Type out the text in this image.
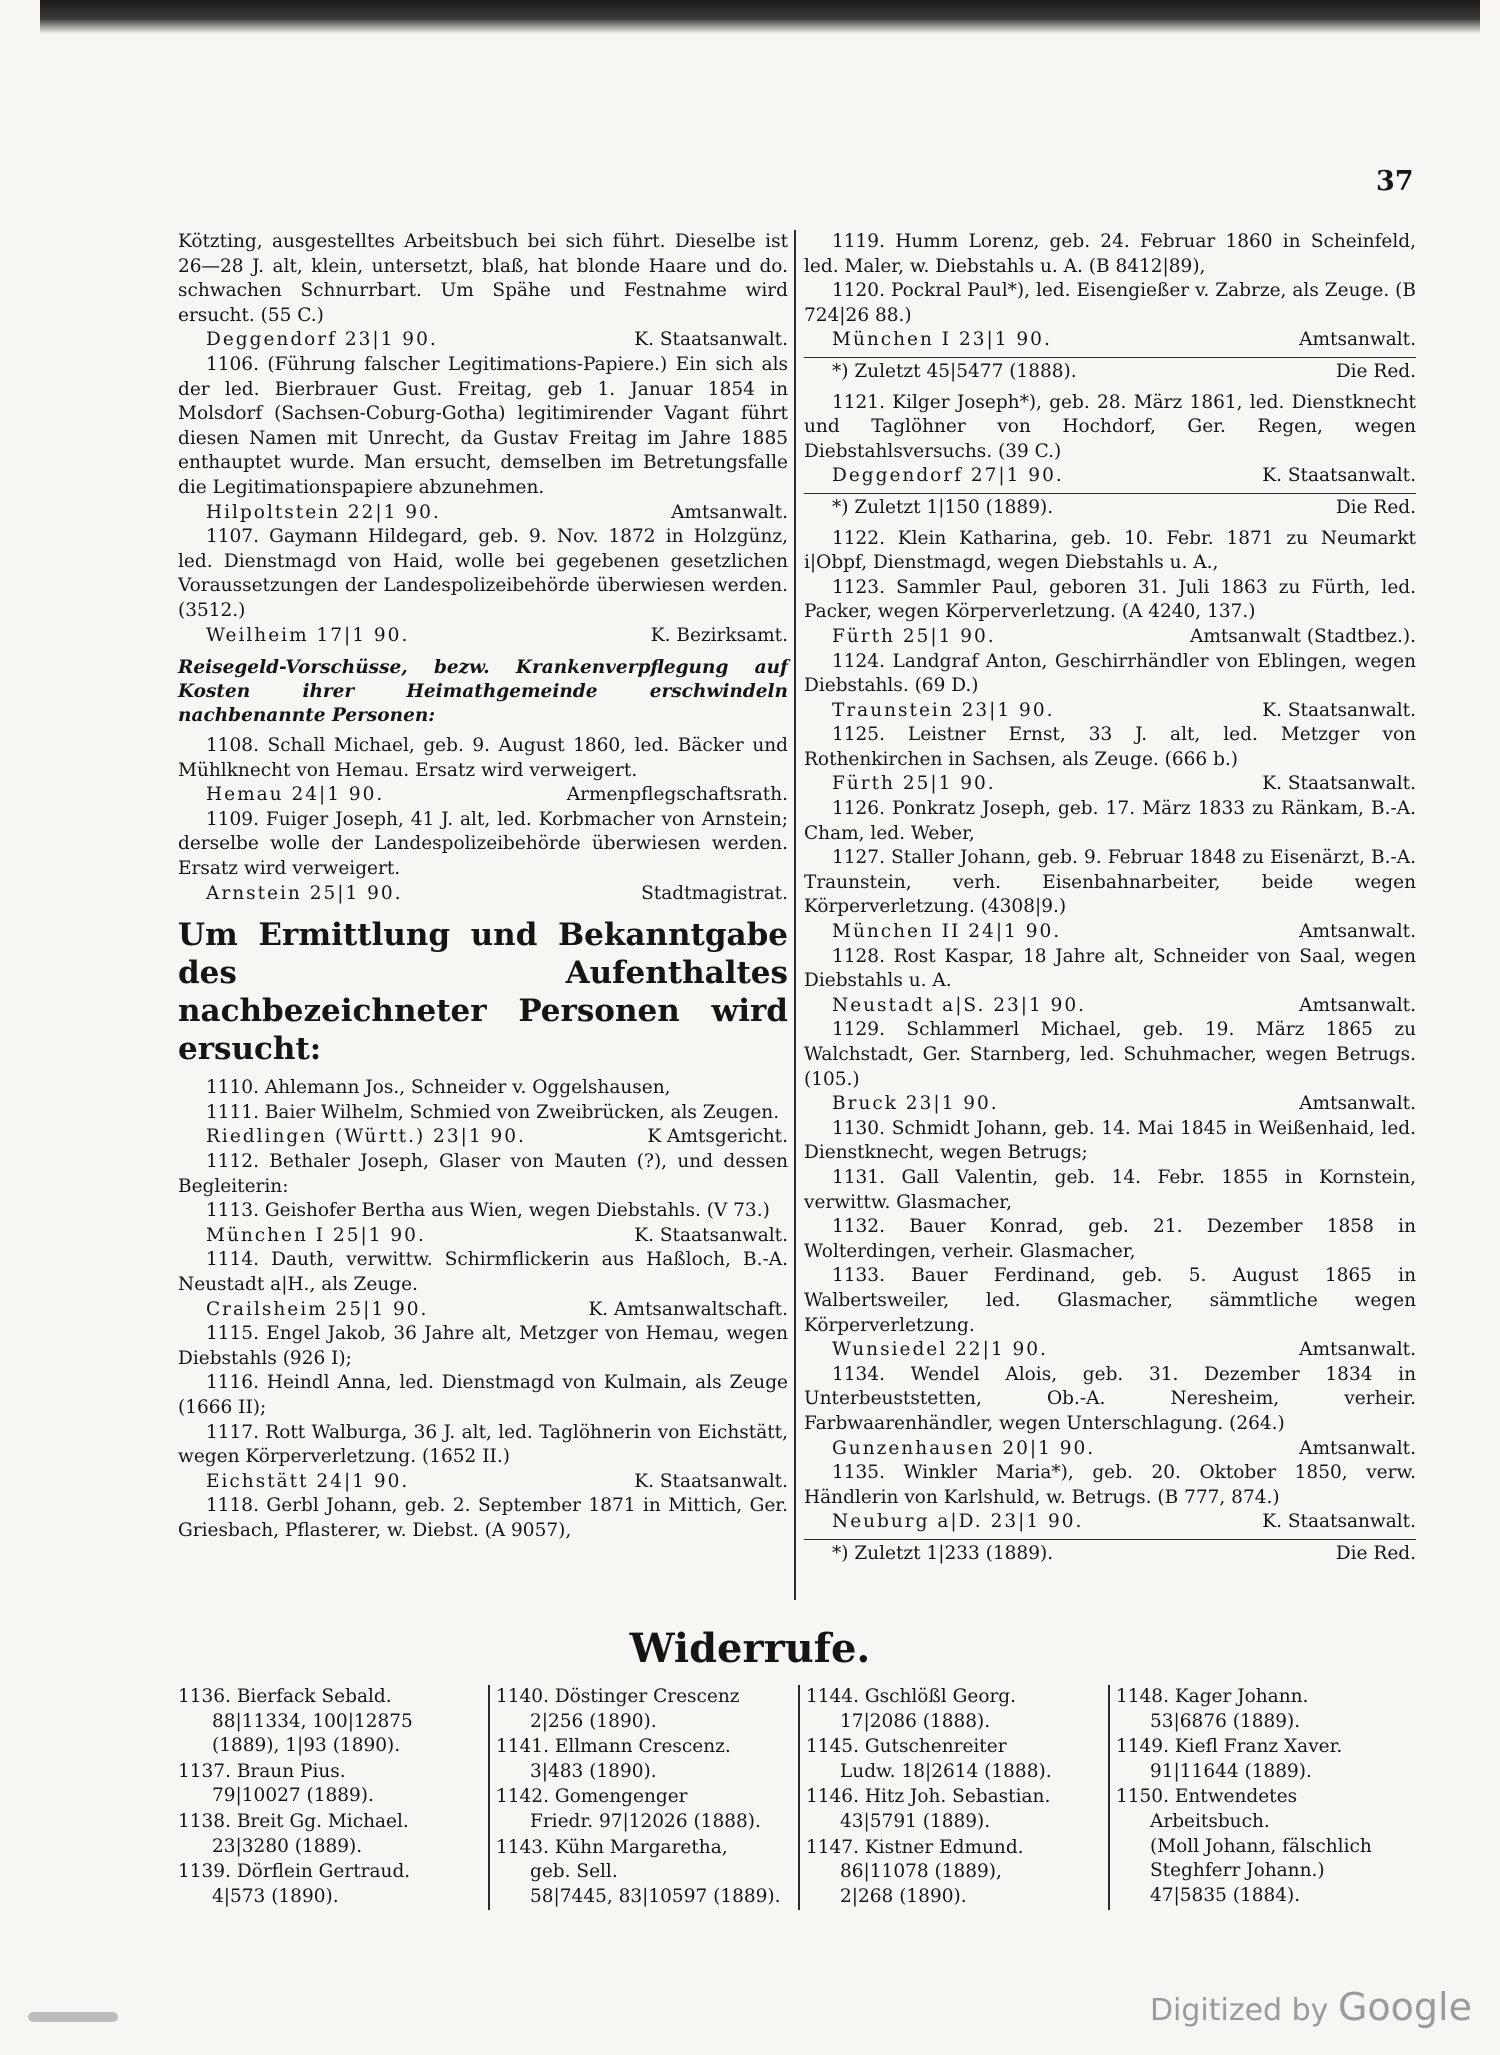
37

Kötzting, ausgestelltes Arbeitsbuch bei sich führt. Dieselbe ist 26—28 J. alt, klein, untersetzt, blaß, hat blonde Haare und do. schwachen Schnurrbart. Um Spähe und Festnahme wird ersucht. (55 C.)

Deggendorf 23|1 90.	K. Staatsanwalt.

1106. (Führung falscher Legitimations-Papiere.) Ein sich als der led. Bierbrauer Gust. Freitag, geb 1. Januar 1854 in Molsdorf (Sachsen-Coburg-Gotha) legitimirender Vagant führt diesen Namen mit Unrecht, da Gustav Freitag im Jahre 1885 enthauptet wurde. Man ersucht, demselben im Betretungsfalle die Legitimationspapiere abzunehmen.

Hilpoltstein 22|1 90.	Amtsanwalt.

1107. Gaymann Hildegard, geb. 9. Nov. 1872 in Holzgünz, led. Dienstmagd von Haid, wolle bei gegebenen gesetzlichen Voraussetzungen der Landespolizeibehörde überwiesen werden. (3512.)

Weilheim 17|1 90.	K. Bezirksamt.
Reisegeld-Vorschüsse, bezw. Krankenverpflegung auf Kosten ihrer Heimathgemeinde erschwindeln nachbenannte Personen:

1108. Schall Michael, geb. 9. August 1860, led. Bäcker und Mühlknecht von Hemau. Ersatz wird verweigert.

Hemau 24|1 90.	Armenpflegschaftsrath.

1109. Fuiger Joseph, 41 J. alt, led. Korbmacher von Arnstein; derselbe wolle der Landespolizeibehörde überwiesen werden. Ersatz wird verweigert.

Arnstein 25|1 90.	Stadtmagistrat.
Um Ermittlung und Bekanntgabe des Aufenthaltes nachbezeichneter Personen wird ersucht:

1110. Ahlemann Jos., Schneider v. Oggelshausen,

1111. Baier Wilhelm, Schmied von Zweibrücken, als Zeugen.

Riedlingen (Württ.) 23|1 90.	K Amtsgericht.

1112. Bethaler Joseph, Glaser von Mauten (?), und dessen Begleiterin:

1113. Geishofer Bertha aus Wien, wegen Diebstahls. (V 73.)

München I 25|1 90.	K. Staatsanwalt.

1114. Dauth, verwittw. Schirmflickerin aus Haßloch, B.-A. Neustadt a|H., als Zeuge.

Crailsheim 25|1 90.	K. Amtsanwaltschaft.

1115. Engel Jakob, 36 Jahre alt, Metzger von Hemau, wegen Diebstahls (926 I);

1116. Heindl Anna, led. Dienstmagd von Kulmain, als Zeuge (1666 II);

1117. Rott Walburga, 36 J. alt, led. Taglöhnerin von Eichstätt, wegen Körperverletzung. (1652 II.)

Eichstätt 24|1 90.	K. Staatsanwalt.

1118. Gerbl Johann, geb. 2. September 1871 in Mittich, Ger. Griesbach, Pflasterer, w. Diebst. (A 9057),

1119. Humm Lorenz, geb. 24. Februar 1860 in Scheinfeld, led. Maler, w. Diebstahls u. A. (B 8412|89),

1120. Pockral Paul*), led. Eisengießer v. Zabrze, als Zeuge. (B 724|26 88.)

München I 23|1 90.	Amtsanwalt.
*) Zuletzt 45|5477 (1888).	Die Red.

1121. Kilger Joseph*), geb. 28. März 1861, led. Dienstknecht und Taglöhner von Hochdorf, Ger. Regen, wegen Diebstahlsversuchs. (39 C.)

Deggendorf 27|1 90.	K. Staatsanwalt.
*) Zuletzt 1|150 (1889).	Die Red.

1122. Klein Katharina, geb. 10. Febr. 1871 zu Neumarkt i|Obpf, Dienstmagd, wegen Diebstahls u. A.,

1123. Sammler Paul, geboren 31. Juli 1863 zu Fürth, led. Packer, wegen Körperverletzung. (A 4240, 137.)

Fürth 25|1 90.	Amtsanwalt (Stadtbez.).

1124. Landgraf Anton, Geschirrhändler von Eblingen, wegen Diebstahls. (69 D.)

Traunstein 23|1 90.	K. Staatsanwalt.

1125. Leistner Ernst, 33 J. alt, led. Metzger von Rothenkirchen in Sachsen, als Zeuge. (666 b.)

Fürth 25|1 90.	K. Staatsanwalt.

1126. Ponkratz Joseph, geb. 17. März 1833 zu Ränkam, B.-A. Cham, led. Weber,

1127. Staller Johann, geb. 9. Februar 1848 zu Eisenärzt, B.-A. Traunstein, verh. Eisenbahnarbeiter, beide wegen Körperverletzung. (4308|9.)

München II 24|1 90.	Amtsanwalt.

1128. Rost Kaspar, 18 Jahre alt, Schneider von Saal, wegen Diebstahls u. A.

Neustadt a|S. 23|1 90.	Amtsanwalt.

1129. Schlammerl Michael, geb. 19. März 1865 zu Walchstadt, Ger. Starnberg, led. Schuhmacher, wegen Betrugs. (105.)

Bruck 23|1 90.	Amtsanwalt.

1130. Schmidt Johann, geb. 14. Mai 1845 in Weißenhaid, led. Dienstknecht, wegen Betrugs;

1131. Gall Valentin, geb. 14. Febr. 1855 in Kornstein, verwittw. Glasmacher,

1132. Bauer Konrad, geb. 21. Dezember 1858 in Wolterdingen, verheir. Glasmacher,

1133. Bauer Ferdinand, geb. 5. August 1865 in Walbertsweiler, led. Glasmacher, sämmtliche wegen Körperverletzung.

Wunsiedel 22|1 90.	Amtsanwalt.

1134. Wendel Alois, geb. 31. Dezember 1834 in Unterbeuststetten, Ob.-A. Neresheim, verheir. Farbwaarenhändler, wegen Unterschlagung. (264.)

Gunzenhausen 20|1 90.	Amtsanwalt.

1135. Winkler Maria*), geb. 20. Oktober 1850, verw. Händlerin von Karlshuld, w. Betrugs. (B 777, 874.)

Neuburg a|D. 23|1 90.	K. Staatsanwalt.
*) Zuletzt 1|233 (1889).	Die Red.
Widerrufe.
1136. Bierfack Sebald.
88|11334, 100|12875
(1889), 1|93 (1890).
1137. Braun Pius.
79|10027 (1889).
1138. Breit Gg. Michael.
23|3280 (1889).
1139. Dörflein Gertraud.
4|573 (1890).
1140. Döstinger Crescenz
2|256 (1890).
1141. Ellmann Crescenz.
3|483 (1890).
1142. Gomengenger
Friedr. 97|12026 (1888).
1143. Kühn Margaretha,
geb. Sell.
58|7445, 83|10597 (1889).
1144. Gschlößl Georg.
17|2086 (1888).
1145. Gutschenreiter
Ludw. 18|2614 (1888).
1146. Hitz Joh. Sebastian.
43|5791 (1889).
1147. Kistner Edmund.
86|11078 (1889),
2|268 (1890).
1148. Kager Johann.
53|6876 (1889).
1149. Kiefl Franz Xaver.
91|11644 (1889).
1150. Entwendetes
Arbeitsbuch.
(Moll Johann, fälschlich
Steghferr Johann.)
47|5835 (1884).
Digitized by Google
